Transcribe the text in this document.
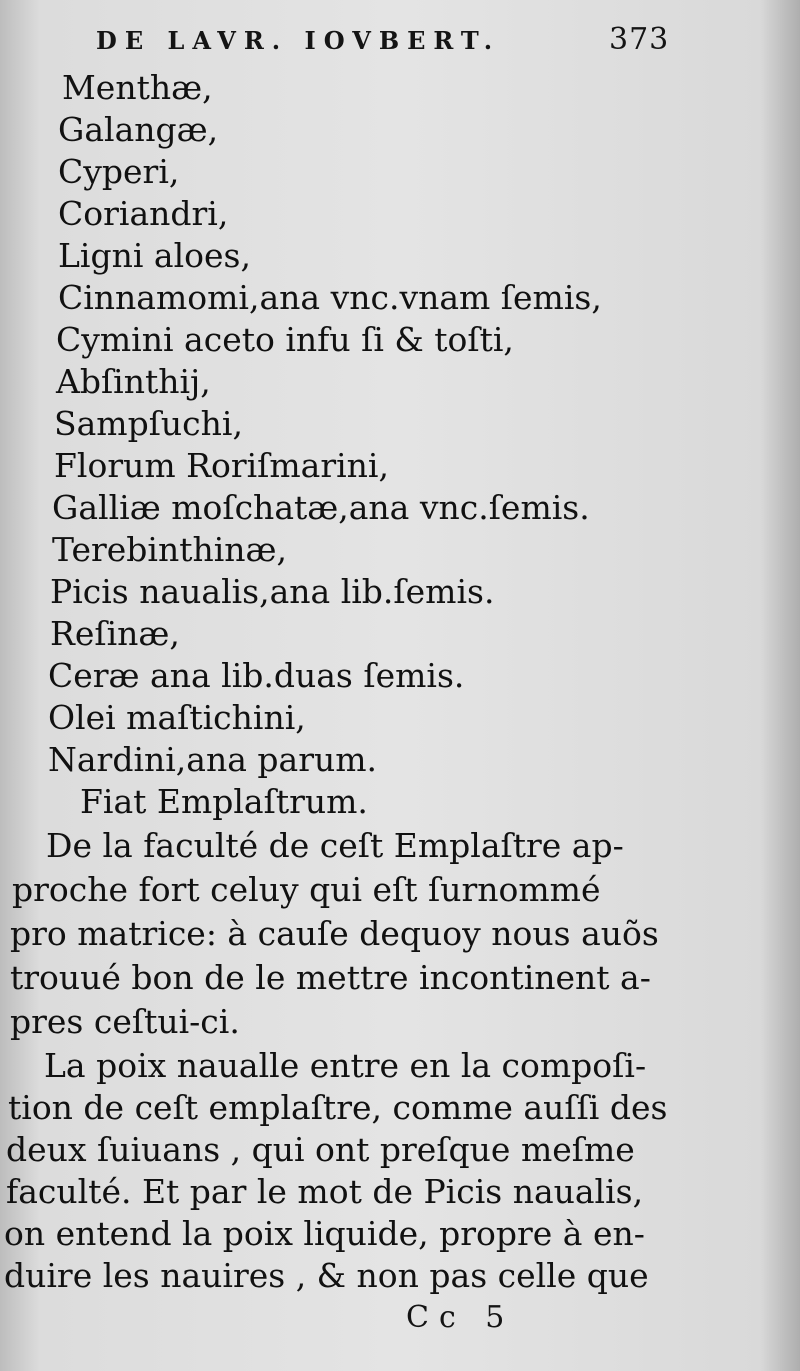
DE LAVR. IOVBERT.	373
Menthæ,
Galangæ,
Cyperi,
Coriandri,
Ligni aloes,
Cinnamomi,ana vnc.vnam ſemis,
Cymini aceto infu ſi & toſti,
Abſinthij,
Sampſuchi,
Florum Roriſmarini,
Galliæ moſchatæ,ana vnc.ſemis.
Terebinthinæ,
Picis naualis,ana lib.ſemis.
Reſinæ,
Ceræ ana lib.duas ſemis.
Olei maſtichini,
Nardini,ana parum.
Fiat Emplaſtrum.
De la faculté de ceſt Emplaſtre ap-
proche fort celuy qui eſt ſurnommé
pro matrice: à cauſe dequoy nous auõs
trouué bon de le mettre incontinent a-
pres ceſtui-ci.
La poix naualle entre en la compoſi-
tion de ceſt emplaſtre, comme auſſi des
deux ſuiuans , qui ont preſque meſme
faculté. Et par le mot de Picis naualis,
on entend la poix liquide, propre à en-
duire les nauires , & non pas celle que
Cc 5
